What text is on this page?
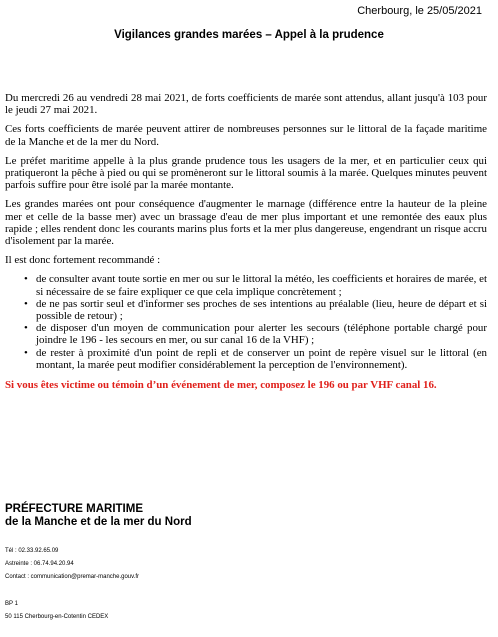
Cherbourg, le 25/05/2021
Vigilances grandes marées – Appel à la prudence

Du mercredi 26 au vendredi 28 mai 2021, de forts coefficients de marée sont attendus, allant jusqu'à 103 pour le jeudi 27 mai 2021.

Ces forts coefficients de marée peuvent attirer de nombreuses personnes sur le littoral de la façade maritime de la Manche et de la mer du Nord.

Le préfet maritime appelle à la plus grande prudence tous les usagers de la mer, et en particulier ceux qui pratiqueront la pêche à pied ou qui se promèneront sur le littoral soumis à la marée. Quelques minutes peuvent parfois suffire pour être isolé par la marée montante.

Les grandes marées ont pour conséquence d'augmenter le marnage (différence entre la hauteur de la pleine mer et celle de la basse mer) avec un brassage d'eau de mer plus important et une remontée des eaux plus rapide ; elles rendent donc les courants marins plus forts et la mer plus dangereuse, engendrant un risque accru d'isolement par la marée.

Il est donc fortement recommandé :

• de consulter avant toute sortie en mer ou sur le littoral la météo, les coefficients et horaires de marée, et si nécessaire de se faire expliquer ce que cela implique concrètement ;
• de ne pas sortir seul et d'informer ses proches de ses intentions au préalable (lieu, heure de départ et si possible de retour) ;
• de disposer d'un moyen de communication pour alerter les secours (téléphone portable chargé pour joindre le 196 - les secours en mer, ou sur canal 16 de la VHF) ;
• de rester à proximité d'un point de repli et de conserver un point de repère visuel sur le littoral (en montant, la marée peut modifier considérablement la perception de l'environnement).

Si vous êtes victime ou témoin d’un événement de mer, composez le 196 ou par VHF canal 16.

PRÉFECTURE MARITIME
de la Manche et de la mer du Nord
Tél : 02.33.92.65.09
Astreinte : 06.74.94.20.94
Contact : communication@premar-manche.gouv.fr
BP 1
50 115 Cherbourg-en-Cotentin CEDEX
